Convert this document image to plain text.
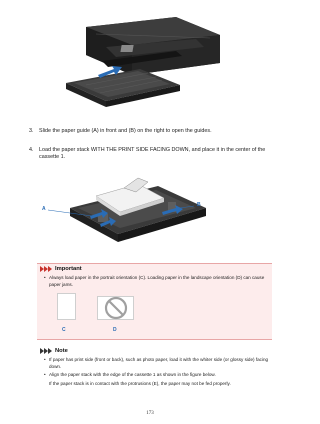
3.	Slide the paper guide (A) in front and (B) on the right to open the guides.
4.	Load the paper stack WITH THE PRINT SIDE FACING DOWN, and place it in the center of the cassette 1.
A
B
Important
• Always load paper in the portrait orientation (C). Loading paper in the landscape orientation (D) can cause paper jams.
C	D
Note
• If paper has print side (front or back), such as photo paper, load it with the whiter side (or glossy side) facing down.
• Align the paper stack with the edge of the cassette 1 as shown in the figure below.
If the paper stack is in contact with the protrusions (E), the paper may not be fed properly.
173
